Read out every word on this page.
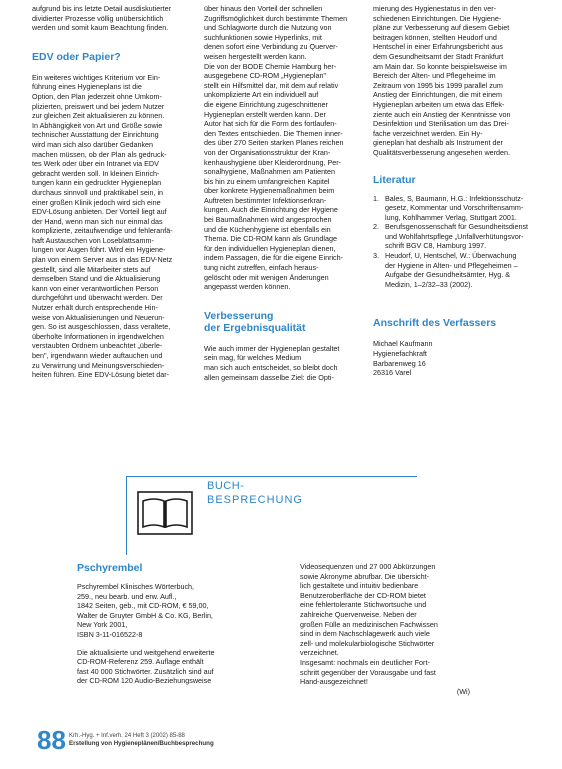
aufgrund bis ins letzte Detail ausdiskutierter

dividierter Prozesse völlig unübersichtlich

werden und somit kaum Beachtung finden.

EDV oder Papier?

Ein weiteres wichtiges Kriterium vor Ein-

führung eines Hygieneplans ist die

Option, den Plan jederzeit ohne Umkom-

plizierten, preiswert und bei jedem Nutzer

zur gleichen Zeit aktualisieren zu können.

In Abhängigkeit von Art und Größe sowie

technischer Ausstattung der Einrichtung

wird man sich also darüber Gedanken

machen müssen, ob der Plan als gedruck-

tes Werk oder über ein Intranet via EDV

gebracht werden soll. In kleinen Einrich-

tungen kann ein gedruckter Hygieneplan

durchaus sinnvoll und praktikabel sein, in

einer großen Klinik jedoch wird sich eine

EDV-Lösung anbieten. Der Vorteil liegt auf

der Hand, wenn man sich nur einmal das

komplizierte, zeitaufwendige und fehleranfä-

haft Austauschen von Loseblattsamm-

lungen vor Augen führt. Wird ein Hygiene-

plan von einem Server aus in das EDV-Netz

gestellt, sind alle Mitarbeiter stets auf

demselben Stand und die Aktualisierung

kann von einer verantwortlichen Person

durchgeführt und überwacht werden. Der

Nutzer erhält durch entsprechende Hin-

weise von Aktualisierungen und Neuerun-

gen. So ist ausgeschlossen, dass veraltete,

überholte Informationen in irgendwelchen

verstaubten Ordnern unbeachtet „überle-

ben", irgendwann wieder auftauchen und

zu Verwirrung und Meinungsverschieden-

heiten führen. Eine EDV-Lösung bietet dar-

über hinaus den Vorteil der schnellen

Zugriffsmöglichkeit durch bestimmte Themen

und Schlagworte durch die Nutzung von

suchfunktionen sowie Hyperlinks, mit

denen sofort eine Verbindung zu Querver-

weisen hergestellt werden kann.

Die von der BODE Chemie Hamburg her-

ausgegebene CD-ROM „Hygieneplan"

stellt ein Hilfsmittel dar, mit dem auf relativ

unkomplizierte Art ein individuell auf

die eigene Einrichtung zugeschnittener

Hygieneplan erstellt werden kann. Der

Autor hat sich für die Form des fortlaufen-

den Textes entschieden. Die Themen inner-

des über 270 Seiten starken Planes reichen

von der Organisationsstruktur der Kran-

kenhaushygiene über Kleiderordnung, Per-

sonalhygiene, Maßnahmen am Patienten

bis hin zu einem umfangreichen Kapitel

über konkrete Hygienemaßnahmen beim

Auftreten bestimmter Infektionserkran-

kungen. Auch die Einrichtung der Hygiene

bei Baumaßnahmen wird angesprochen

und die Küchenhygiene ist ebenfalls ein

Thema. Die CD-ROM kann als Grundlage

für den individuellen Hygieneplan dienen,

indem Passagen, die für die eigene Einrich-

tung nicht zutreffen, einfach heraus-

gelöscht oder mit wenigen Änderungen

angepasst werden können.

Verbesserung
der Ergebnisqualität

Wie auch immer der Hygieneplan gestaltet

sein mag, für welches Medium

man sich auch entscheidet, so bleibt doch

allen gemeinsam dasselbe Ziel: die Opti-

mierung des Hygienestatus in den ver-

schiedenen Einrichtungen. Die Hygiene-

pläne zur Verbesserung auf diesem Gebiet

beitragen können, stellten Heudorf und

Hentschel in einer Erfahrungsbericht aus

dem Gesundheitsamt der Stadt Frankfurt

am Main dar. So konnte beispielsweise im

Bereich der Alten- und Pflegeheime im

Zeitraum von 1995 bis 1999 parallel zum

Anstieg der Einrichtungen, die mit einem

Hygieneplan arbeiten um etwa das Effek-

ziente auch ein Anstieg der Kenntnisse von

Desinfektion und Sterilisation um das Drei-

fache verzeichnet werden. Ein Hy-

gieneplan hat deshalb als Instrument der

Qualitätsverbesserung angesehen werden.

Literatur
1. Bales, S, Baumann, H.G.: Infektionsschutz-
gesetz, Kommentar und Vorschriftensamm-
lung, Kohlhammer Verlag, Stuttgart 2001.
2. Berufsgenossenschaft für Gesundheitsdienst
und Wohlfahrtspflege „Unfallverhütungsvor-
schrift BGV C8, Hamburg 1997.
3. Heudorf, U, Hentschel, W.: Überwachung
der Hygiene in Alten- und Pflegeheimen –
Aufgabe der Gesundheitsämter, Hyg. &
Medizin, 1–2/32–33 (2002).
Anschrift des Verfassers

Michael Kaufmann

Hygienefachkraft

Barbarenweg 16

26316 Varel

BUCH-
BESPRECHUNG
Pschyrembel

Pschyrembel Klinisches Wörterbuch,

259., neu bearb. und erw. Aufl.,

1842 Seiten, geb., mit CD-ROM, € 59,00,

Walter de Gruyter GmbH & Co. KG, Berlin,

New York 2001,

ISBN 3-11-016522-8

Die aktualisierte und weitgehend erweiterte

CD-ROM-Referenz 259. Auflage enthält

fast 40 000 Stichwörter. Zusätzlich sind auf

der CD-ROM 120 Audio-Beziehungsweise

Videosequenzen und 27 000 Abkürzungen

sowie Akronyme abrufbar. Die übersicht-

lich gestaltete und intuitiv bedienbare

Benutzeroberfläche der CD-ROM bietet

eine fehlertolerante Stichwortsuche und

zahlreiche Querverweise. Neben der

großen Fülle an medizinischen Fachwissen

sind in dem Nachschlagewerk auch viele

zell- und molekularbiologische Stichwörter

verzeichnet.

Insgesamt: nochmals ein deutlicher Fort-

schritt gegenüber der Vorausgabe und fast

Hand-ausgezeichnet!

(Wi)
88 Krh.-Hyg. + Inf.verh. 24 Heft 3 (2002) 85-88
Erstellung von Hygieneplänen/Buchbesprechung
